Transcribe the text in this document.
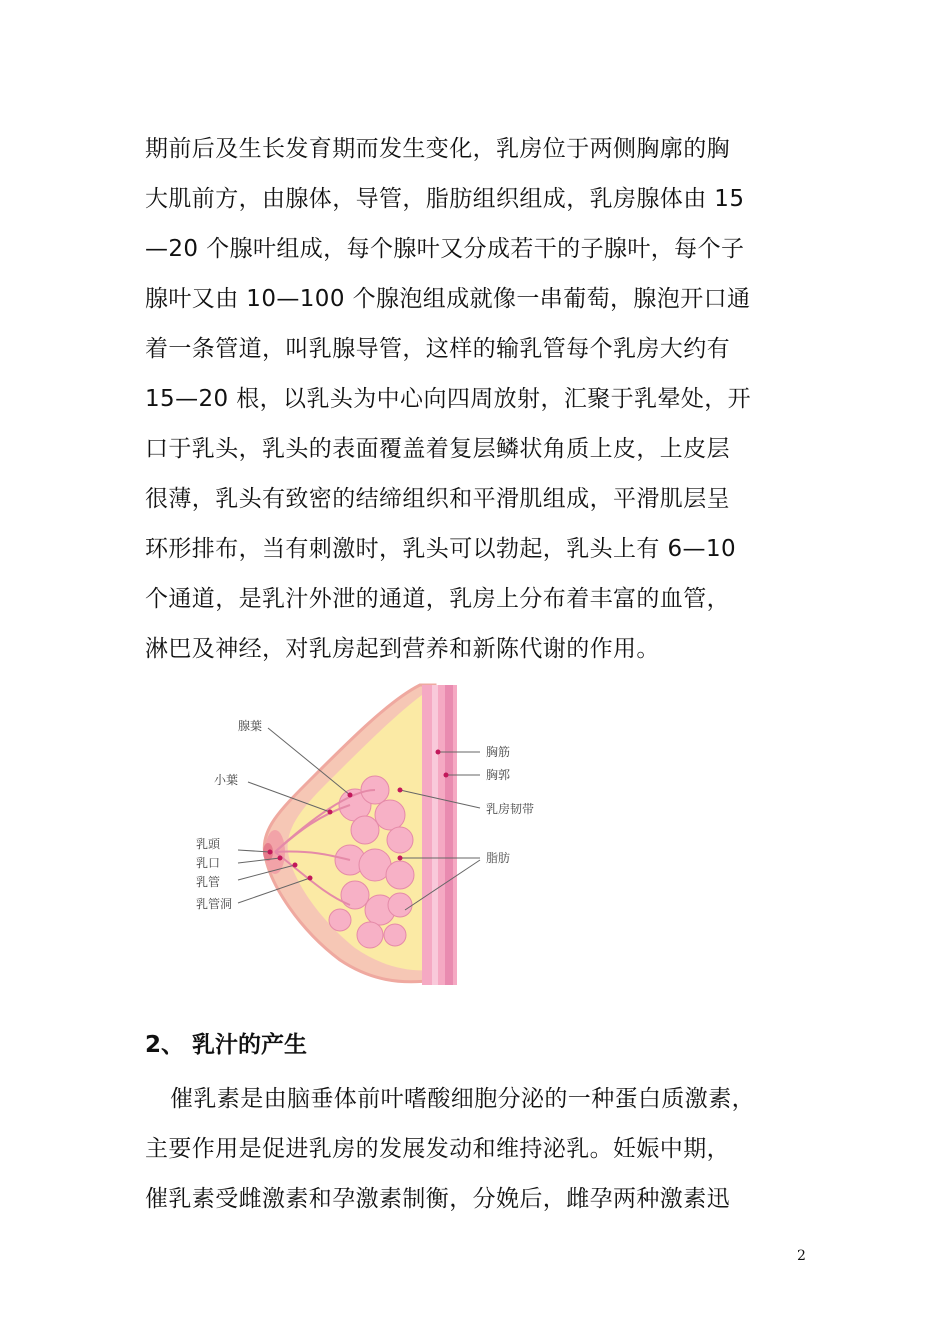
期前后及生长发育期而发生变化，乳房位于两侧胸廓的胸
大肌前方，由腺体，导管，脂肪组织组成，乳房腺体由 15
—20 个腺叶组成，每个腺叶又分成若干的子腺叶，每个子
腺叶又由 10—100 个腺泡组成就像一串葡萄，腺泡开口通
着一条管道，叫乳腺导管，这样的输乳管每个乳房大约有
15—20 根，以乳头为中心向四周放射，汇聚于乳晕处，开
口于乳头，乳头的表面覆盖着复层鳞状角质上皮，上皮层
很薄，乳头有致密的结缔组织和平滑肌组成，平滑肌层呈
环形排布，当有刺激时，乳头可以勃起，乳头上有 6—10
个通道，是乳汁外泄的通道，乳房上分布着丰富的血管，
淋巴及神经，对乳房起到营养和新陈代谢的作用。
腺葉
小葉
乳頭
乳口
乳管
乳管洞
胸筋
胸郭
乳房韧带
脂肪
2、 乳汁的产生
催乳素是由脑垂体前叶嗜酸细胞分泌的一种蛋白质激素，
主要作用是促进乳房的发展发动和维持泌乳。妊娠中期，
催乳素受雌激素和孕激素制衡，分娩后，雌孕两种激素迅
2
